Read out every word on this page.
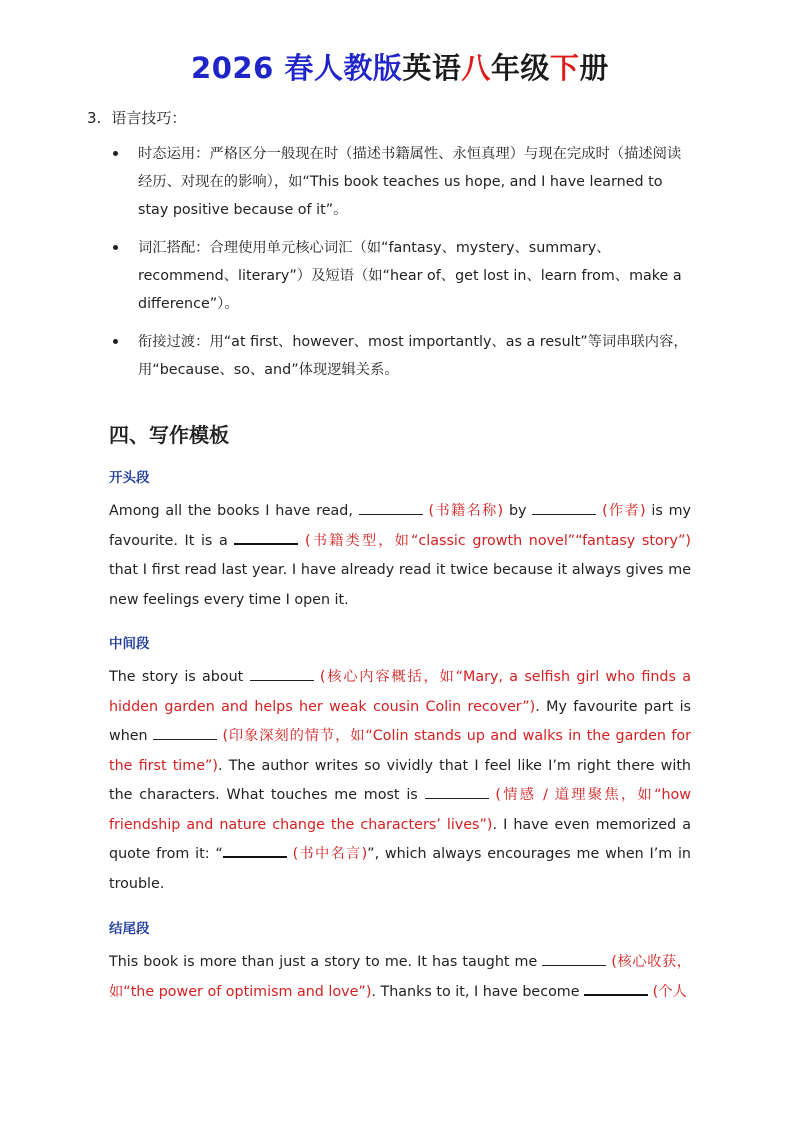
2026 春人教版英语八年级下册
3. 语言技巧：
时态运用：严格区分一般现在时（描述书籍属性、永恒真理）与现在完成时（描述阅读经历、对现在的影响），如“This book teaches us hope, and I have learned to stay positive because of it”。
词汇搭配：合理使用单元核心词汇（如“fantasy、mystery、summary、recommend、literary”）及短语（如“hear of、get lost in、learn from、make a difference”）。
衔接过渡：用“at first、however、most importantly、as a result”等词串联内容，用“because、so、and”体现逻辑关系。
四、写作模板
开头段
Among all the books I have read,	(书籍名称) by	(作者) is my favourite. It is a	(书籍类型，如“classic growth novel”“fantasy story”) that I first read last year. I have already read it twice because it always gives me new feelings every time I open it.
中间段
The story is about	(核心内容概括，如“Mary, a selfish girl who finds a hidden garden and helps her weak cousin Colin recover”). My favourite part is when	(印象深刻的情节，如“Colin stands up and walks in the garden for the first time”). The author writes so vividly that I feel like I’m right there with the characters. What touches me most is	(情感 / 道理聚焦，如“how friendship and nature change the characters’ lives”). I have even memorized a quote from it: “	(书中名言)”, which always encourages me when I’m in trouble.
结尾段
This book is more than just a story to me. It has taught me	(核心收获，如“the power of optimism and love”). Thanks to it, I have become	(个人
